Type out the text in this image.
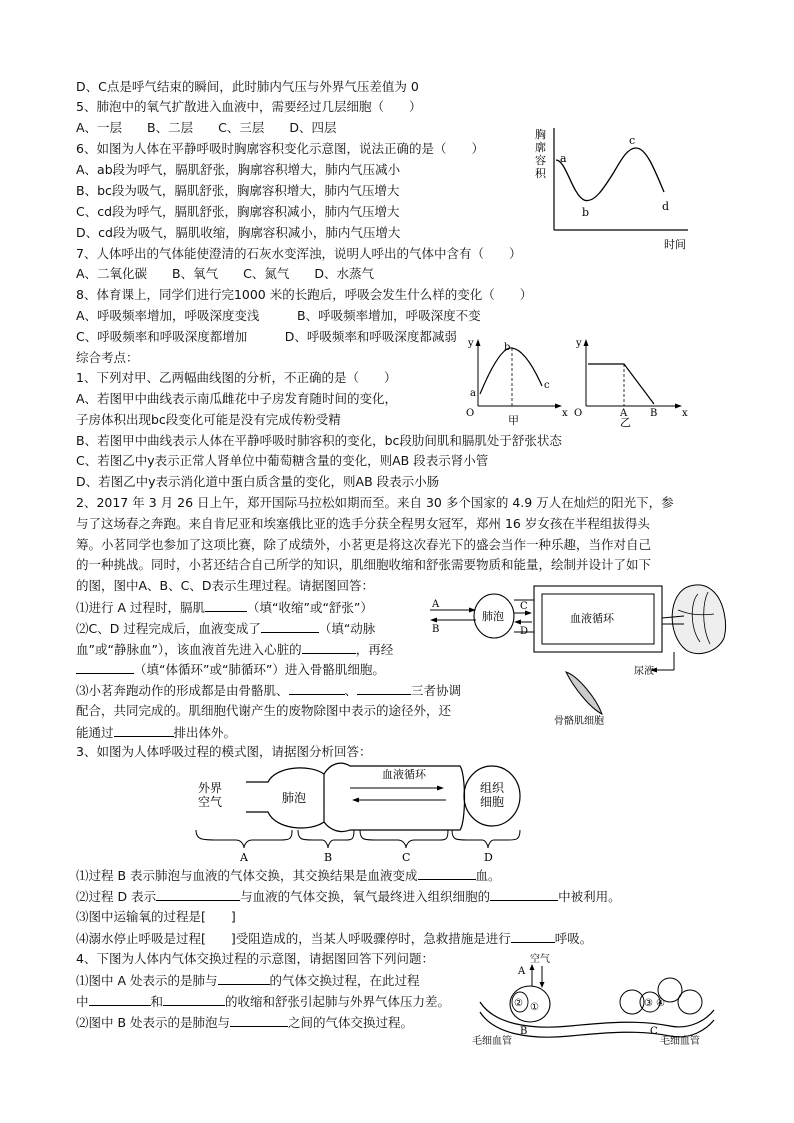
D、C点是呼气结束的瞬间，此时肺内气压与外界气压差值为 0
5、肺泡中的氧气扩散进入血液中，需要经过几层细胞（　　）
A、一层　　B、二层　　C、三层　　D、四层
6、如图为人体在平静呼吸时胸廓容积变化示意图，说法正确的是（　　）
A、ab段为呼气，膈肌舒张，胸廓容积增大，肺内气压减小
B、bc段为吸气，膈肌舒张，胸廓容积增大，肺内气压增大
C、cd段为呼气，膈肌舒张，胸廓容积减小，肺内气压增大
D、cd段为吸气，膈肌收缩，胸廓容积减小，肺内气压增大
7、人体呼出的气体能使澄清的石灰水变浑浊，说明人呼出的气体中含有（　　）
A、二氧化碳　　B、氧气　　C、氮气　　D、水蒸气
8、体育课上，同学们进行完1000 米的长跑后，呼吸会发生什么样的变化（　　）
A、呼吸频率增加，呼吸深度变浅　　　B、呼吸频率增加，呼吸深度不变
C、呼吸频率和呼吸深度都增加　　　D、呼吸频率和呼吸深度都减弱
综合考点：
1、下列对甲、乙两幅曲线图的分析，不正确的是（　　）
A、若图甲中曲线表示南瓜雌花中子房发育随时间的变化，
子房体积出现bc段变化可能是没有完成传粉受精
B、若图甲中曲线表示人体在平静呼吸时肺容积的变化，bc段肋间肌和膈肌处于舒张状态
C、若图乙中y表示正常人肾单位中葡萄糖含量的变化，则AB 段表示肾小管
D、若图乙中y表示消化道中蛋白质含量的变化，则AB 段表示小肠
2、2017 年 3 月 26 日上午，郑开国际马拉松如期而至。来自 30 多个国家的 4.9 万人在灿烂的阳光下，参
与了这场春之奔跑。来自肯尼亚和埃塞俄比亚的选手分获全程男女冠军，郑州 16 岁女孩在半程组拔得头
筹。小茗同学也参加了这项比赛，除了成绩外，小茗更是将这次春光下的盛会当作一种乐趣，当作对自己
的一种挑战。同时，小茗还结合自己所学的知识，肌细胞收缩和舒张需要物质和能量，绘制并设计了如下
的图，图中A、B、C、D表示生理过程。请据图回答：
⑴进行 A 过程时，膈肌	（填“收缩”或“舒张”）
⑵C、D 过程完成后，血液变成了	（填“动脉
血”或“静脉血”），该血液首先进入心脏的	，再经
（填“体循环”或“肺循环”）进入骨骼肌细胞。
⑶小茗奔跑动作的形成都是由骨骼肌、	、	三者协调
配合，共同完成的。肌细胞代谢产生的废物除图中表示的途径外，还
能通过	排出体外。
3、如图为人体呼吸过程的模式图，请据图分析回答：
⑴过程 B 表示肺泡与血液的气体交换，其交换结果是血液变成	血。
⑵过程 D 表示	与血液的气体交换，氧气最终进入组织细胞的	中被利用。
⑶图中运输氧的过程是[　　]
⑷溺水停止呼吸是过程[　　]受阻造成的，当某人呼吸骤停时，急救措施是进行	呼吸。
4、下图为人体内气体交换过程的示意图，请据图回答下列问题：
⑴图中 A 处表示的是肺与	的气体交换过程，在此过程
中	和	的收缩和舒张引起肺与外界气体压力差。
⑵图中 B 处表示的是肺泡与	之间的气体交换过程。
胸
廓
容
积
a
b
c
d
时间
y
O	x
a
b
c
甲
y
O	x
A B
乙
A
B
肺泡
C
D
血液循环
尿液
骨骼肌细胞
外界
空气	肺泡
血液循环
组织
细胞
A	B	C	D
空气
A
② ①
B
③ ④
C
毛细血管	毛细血管
